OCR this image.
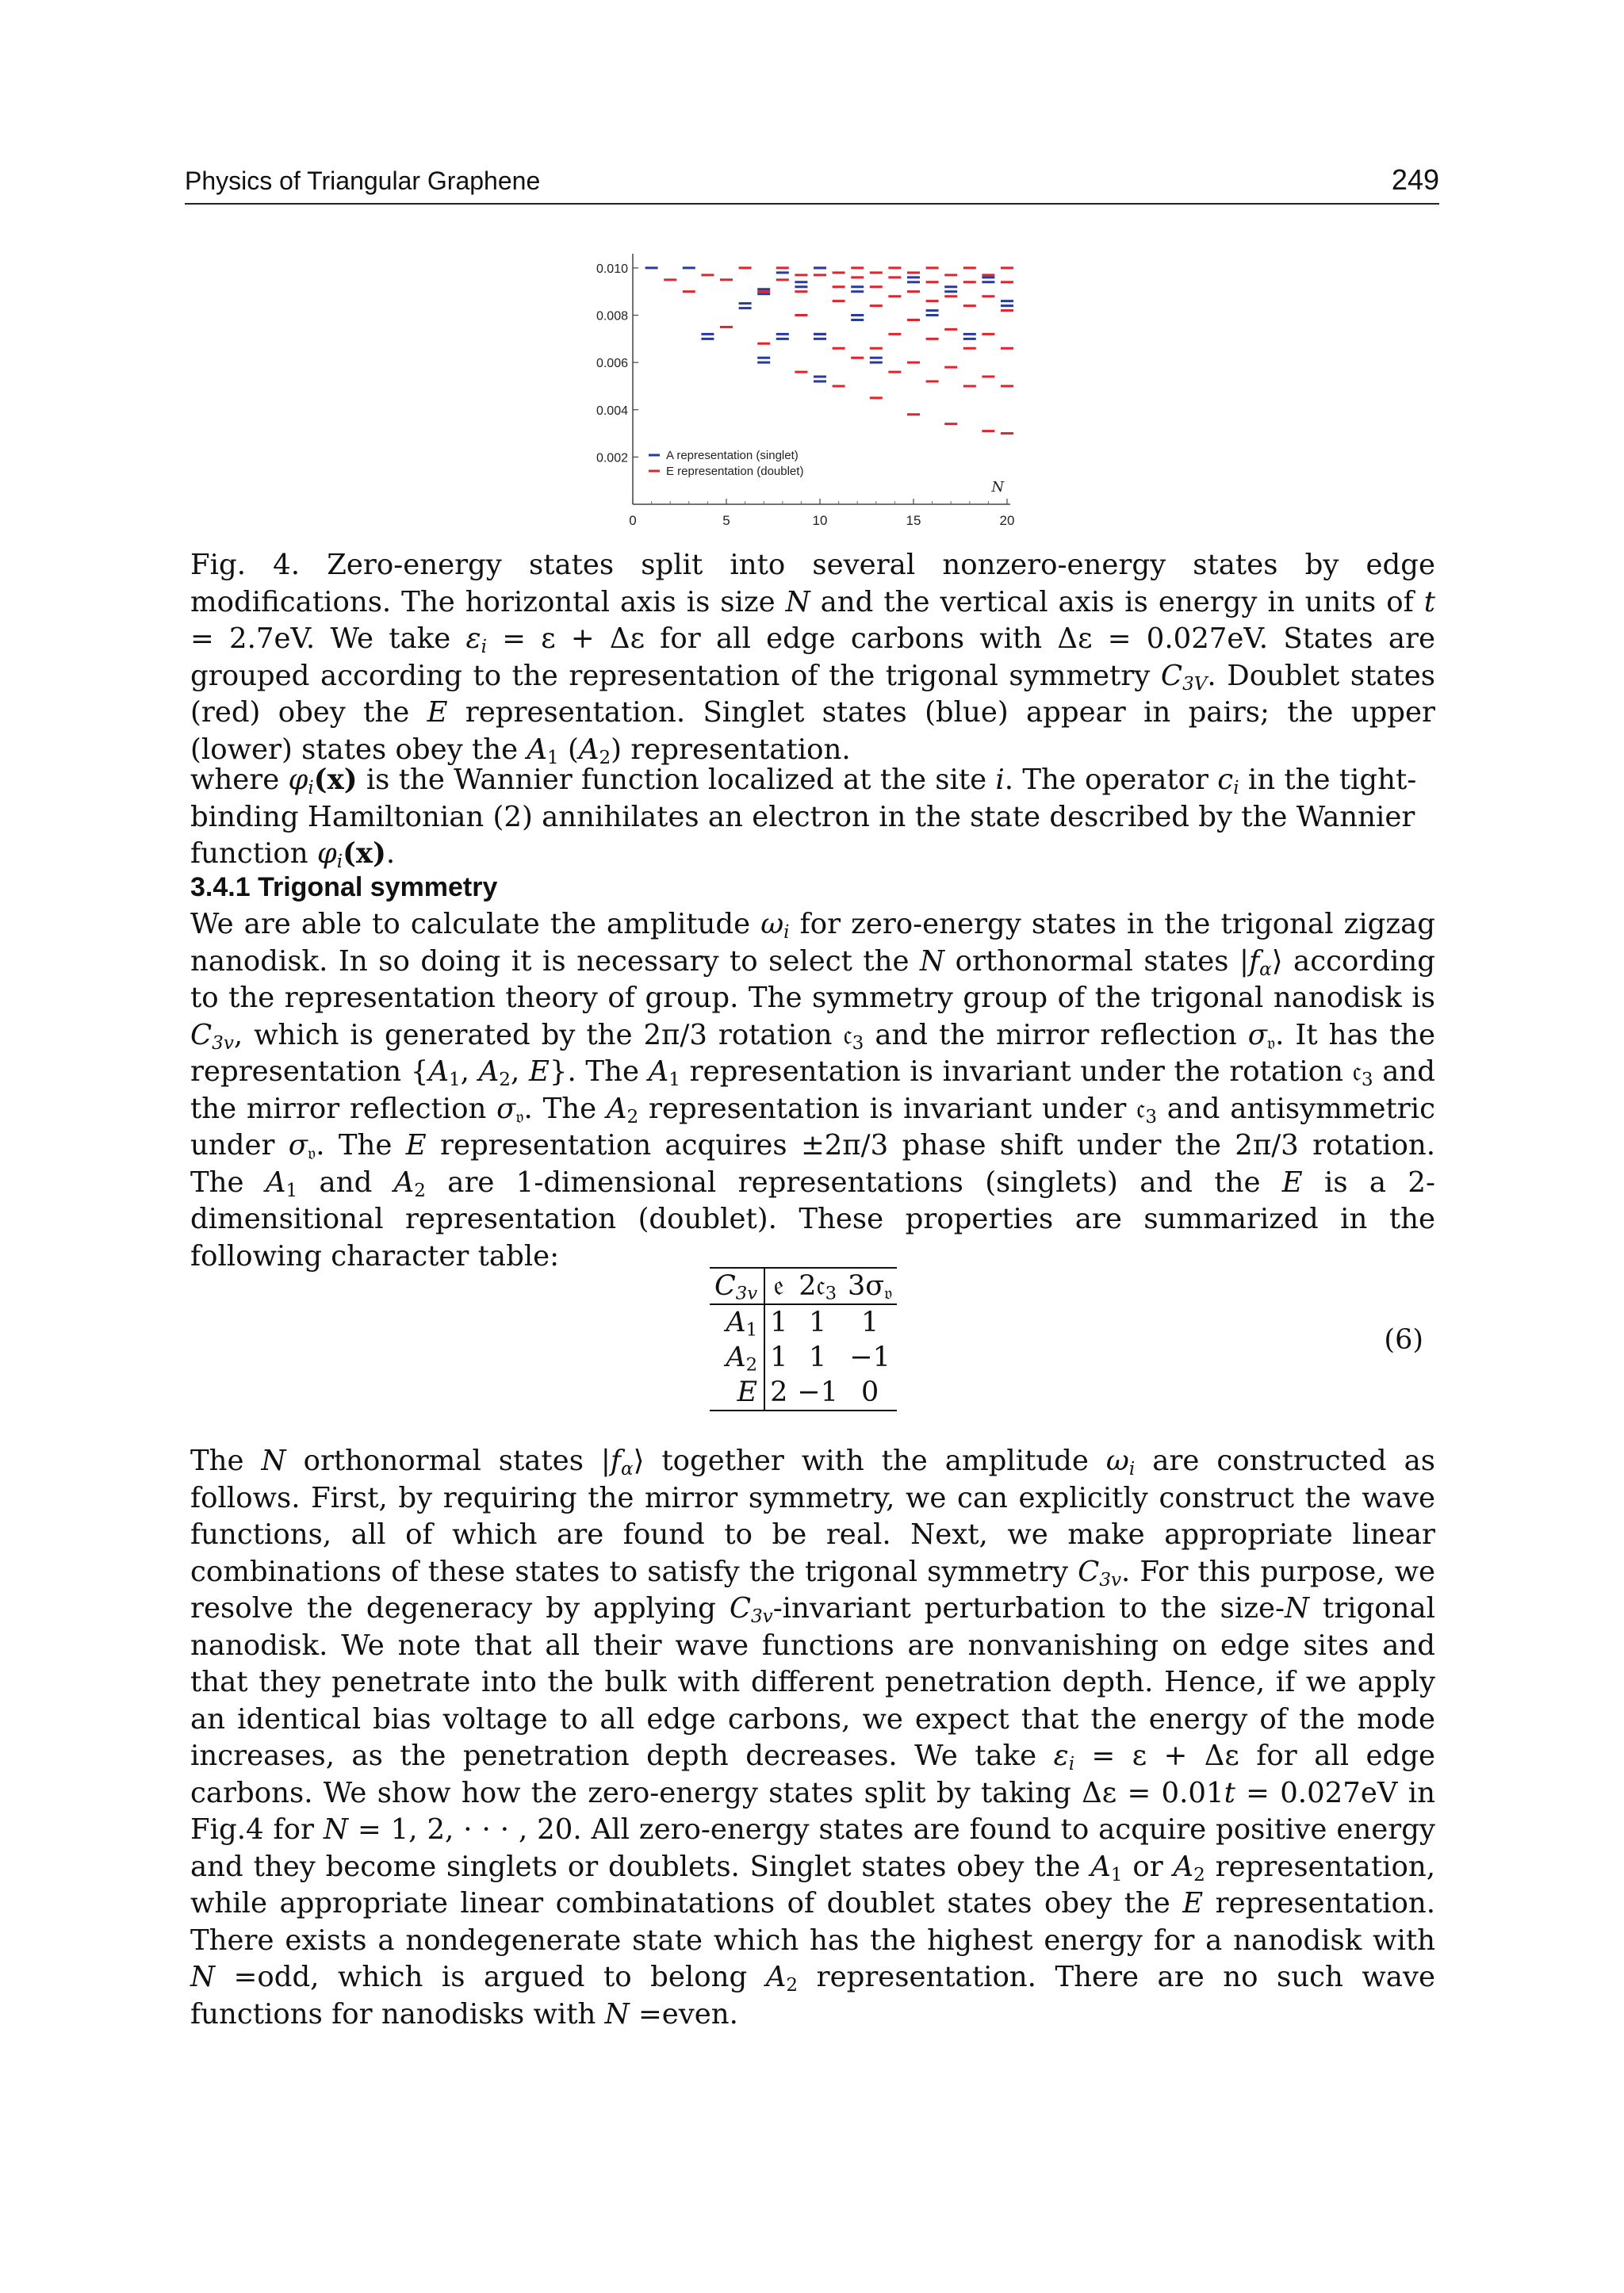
Physics of Triangular Graphene	249
0	5	10	15	20
0.002
0.004
0.006
0.008
0.010
N
A representation (singlet)
E representation (doublet)

Fig. 4. Zero-energy states split into several nonzero-energy states by edge modifications. The horizontal axis is size N and the vertical axis is energy in units of t = 2.7eV. We take $\varepsilon_i = \varepsilon + \Delta\varepsilon$ for all edge carbons with Δε = 0.027eV. States are grouped according to the representation of the trigonal symmetry $C_{3V}$. Doublet states (red) obey the E representation. Singlet states (blue) appear in pairs; the upper (lower) states obey the $A_1$ $(A_2)$ representation.

where $\varphi_i(x)$ is the Wannier function localized at the site i. The operator $c_i$ in the tight-binding Hamiltonian (2) annihilates an electron in the state described by the Wannier function $\varphi_i(x)$.

3.4.1 Trigonal symmetry

We are able to calculate the amplitude $\omega_i$ for zero-energy states in the trigonal zigzag nanodisk. In so doing it is necessary to select the N orthonormal states $|f_\alpha⟩$ according to the representation theory of group. The symmetry group of the trigonal nanodisk is $C_{3v}$, which is generated by the 2π/3 rotation 𝔠$_3$ and the mirror reflection $\sigma_𝔳$. It has the representation {$A_1$, $A_2$, E}. The $A_1$ representation is invariant under the rotation 𝔠$_3$ and the mirror reflection $\sigma_𝔳$. The $A_2$ representation is invariant under 𝔠$_3$ and antisymmetric under $\sigma_𝔳$. The E representation acquires ±2π/3 phase shift under the 2π/3 rotation. The $A_1$ and $A_2$ are 1-dimensional representations (singlets) and the E is a 2-dimensitional representation (doublet). These properties are summarized in the following character table:

$C_{3v}$	𝔢	2𝔠$_3$	$3\sigma_𝔳$
$A_1$	1	1	1
$A_2$	1	1	−1
E	2	−1	0
(6)

The N orthonormal states $|f_\alpha⟩$ together with the amplitude $\omega_i$ are constructed as follows. First, by requiring the mirror symmetry, we can explicitly construct the wave functions, all of which are found to be real. Next, we make appropriate linear combinations of these states to satisfy the trigonal symmetry $C_{3v}$. For this purpose, we resolve the degeneracy by applying $C_{3v}$-invariant perturbation to the size-N trigonal nanodisk. We note that all their wave functions are nonvanishing on edge sites and that they penetrate into the bulk with different penetration depth. Hence, if we apply an identical bias voltage to all edge carbons, we expect that the energy of the mode increases, as the penetration depth decreases. We take $\varepsilon_i = \varepsilon + \Delta\varepsilon$ for all edge carbons. We show how the zero-energy states split by taking Δε = 0.01t = 0.027eV in Fig.4 for N = 1, 2, · · · , 20. All zero-energy states are found to acquire positive energy and they become singlets or doublets. Singlet states obey the $A_1$ or $A_2$ representation, while appropriate linear combinatations of doublet states obey the E representation. There exists a nondegenerate state which has the highest energy for a nanodisk with N =odd, which is argued to belong $A_2$ representation. There are no such wave functions for nanodisks with N =even.
